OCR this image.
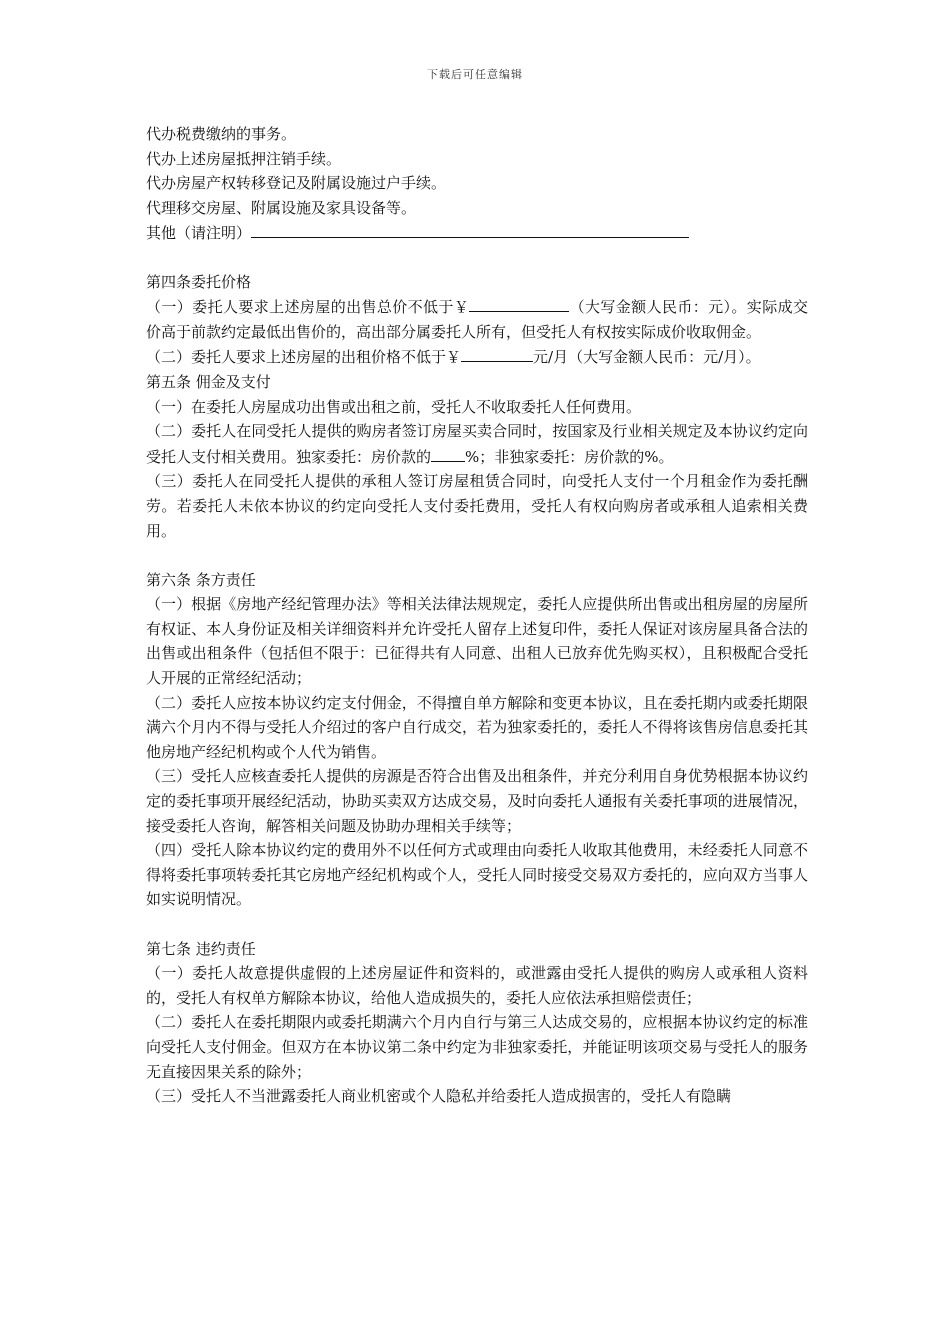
下载后可任意编辑
代办税费缴纳的事务。
代办上述房屋抵押注销手续。
代办房屋产权转移登记及附属设施过户手续。
代理移交房屋、附属设施及家具设备等。
其他（请注明）
第四条委托价格
（一）委托人要求上述房屋的出售总价不低于￥	（大写金额人民币：元）。实际成交价高于前款约定最低出售价的，高出部分属委托人所有，但受托人有权按实际成价收取佣金。
（二）委托人要求上述房屋的出租价格不低于￥	元/月（大写金额人民币：元/月）。
第五条 佣金及支付
（一）在委托人房屋成功出售或出租之前，受托人不收取委托人任何费用。
（二）委托人在同受托人提供的购房者签订房屋买卖合同时，按国家及行业相关规定及本协议约定向受托人支付相关费用。独家委托：房价款的 %；非独家委托：房价款的%。
（三）委托人在同受托人提供的承租人签订房屋租赁合同时，向受托人支付一个月租金作为委托酬劳。若委托人未依本协议的约定向受托人支付委托费用，受托人有权向购房者或承租人追索相关费用。
第六条 条方责任
（一）根据《房地产经纪管理办法》等相关法律法规规定，委托人应提供所出售或出租房屋的房屋所有权证、本人身份证及相关详细资料并允许受托人留存上述复印件，委托人保证对该房屋具备合法的出售或出租条件（包括但不限于：已征得共有人同意、出租人已放弃优先购买权），且积极配合受托人开展的正常经纪活动；
（二）委托人应按本协议约定支付佣金，不得擅自单方解除和变更本协议，且在委托期内或委托期限满六个月内不得与受托人介绍过的客户自行成交，若为独家委托的，委托人不得将该售房信息委托其他房地产经纪机构或个人代为销售。
（三）受托人应核查委托人提供的房源是否符合出售及出租条件，并充分利用自身优势根据本协议约定的委托事项开展经纪活动，协助买卖双方达成交易，及时向委托人通报有关委托事项的进展情况，接受委托人咨询，解答相关问题及协助办理相关手续等；
（四）受托人除本协议约定的费用外不以任何方式或理由向委托人收取其他费用，未经委托人同意不得将委托事项转委托其它房地产经纪机构或个人，受托人同时接受交易双方委托的，应向双方当事人如实说明情况。
第七条 违约责任
（一）委托人故意提供虚假的上述房屋证件和资料的，或泄露由受托人提供的购房人或承租人资料的，受托人有权单方解除本协议，给他人造成损失的，委托人应依法承担赔偿责任；
（二）委托人在委托期限内或委托期满六个月内自行与第三人达成交易的，应根据本协议约定的标准向受托人支付佣金。但双方在本协议第二条中约定为非独家委托，并能证明该项交易与受托人的服务无直接因果关系的除外；
（三）受托人不当泄露委托人商业机密或个人隐私并给委托人造成损害的，受托人有隐瞒
